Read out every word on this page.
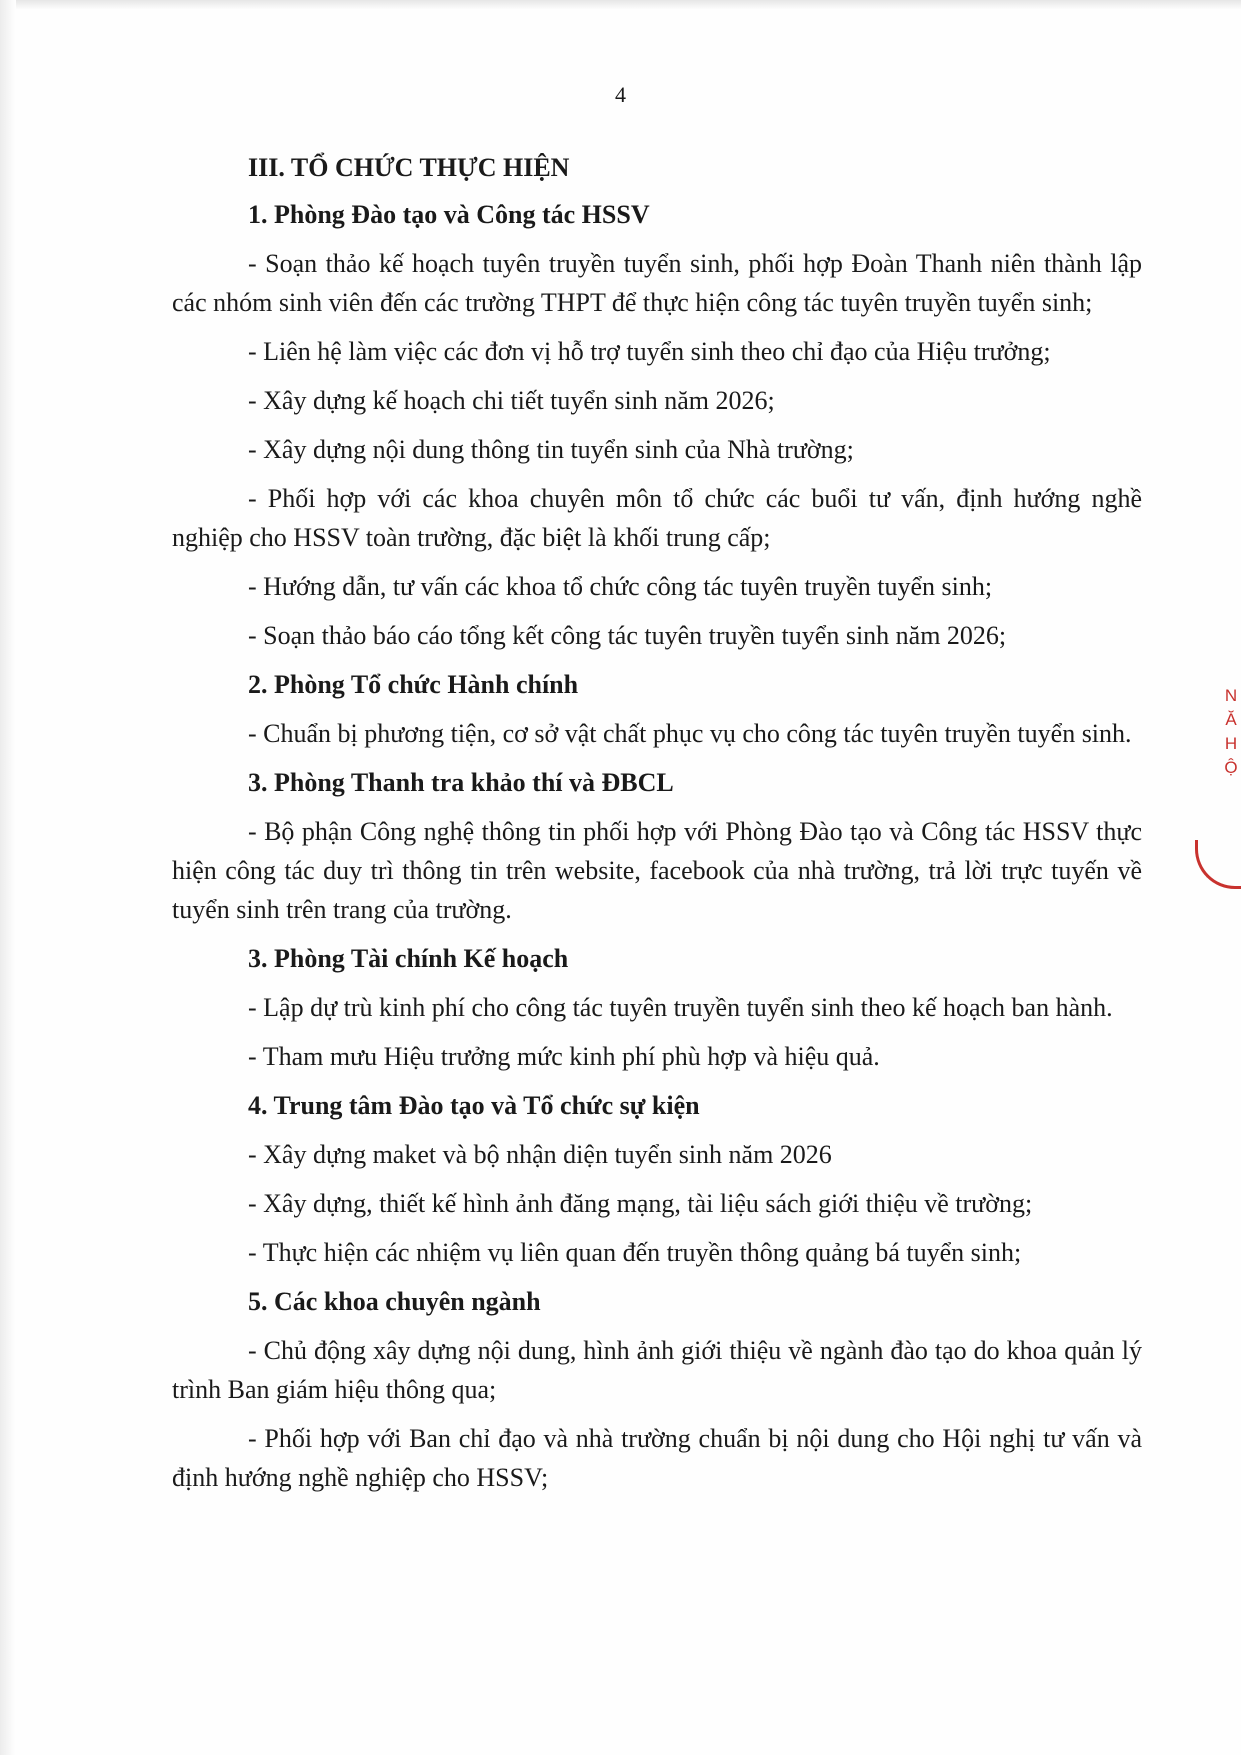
4
III. TỔ CHỨC THỰC HIỆN
1. Phòng Đào tạo và Công tác HSSV
- Soạn thảo kế hoạch tuyên truyền tuyển sinh, phối hợp Đoàn Thanh niên thành lập các nhóm sinh viên đến các trường THPT để thực hiện công tác tuyên truyền tuyển sinh;
- Liên hệ làm việc các đơn vị hỗ trợ tuyển sinh theo chỉ đạo của Hiệu trưởng;
- Xây dựng kế hoạch chi tiết tuyển sinh năm 2026;
- Xây dựng nội dung thông tin tuyển sinh của Nhà trường;
- Phối hợp với các khoa chuyên môn tổ chức các buổi tư vấn, định hướng nghề nghiệp cho HSSV toàn trường, đặc biệt là khối trung cấp;
- Hướng dẫn, tư vấn các khoa tổ chức công tác tuyên truyền tuyển sinh;
- Soạn thảo báo cáo tổng kết công tác tuyên truyền tuyển sinh năm 2026;
2. Phòng Tổ chức Hành chính
- Chuẩn bị phương tiện, cơ sở vật chất phục vụ cho công tác tuyên truyền tuyển sinh.
3. Phòng Thanh tra khảo thí và ĐBCL
- Bộ phận Công nghệ thông tin phối hợp với Phòng Đào tạo và Công tác HSSV thực hiện công tác duy trì thông tin trên website, facebook của nhà trường, trả lời trực tuyến về tuyển sinh trên trang của trường.
3. Phòng Tài chính Kế hoạch
- Lập dự trù kinh phí cho công tác tuyên truyền tuyển sinh theo kế hoạch ban hành.
- Tham mưu Hiệu trưởng mức kinh phí phù hợp và hiệu quả.
4. Trung tâm Đào tạo và Tổ chức sự kiện
- Xây dựng maket và bộ nhận diện tuyển sinh năm 2026
- Xây dựng, thiết kế hình ảnh đăng mạng, tài liệu sách giới thiệu về trường;
- Thực hiện các nhiệm vụ liên quan đến truyền thông quảng bá tuyển sinh;
5. Các khoa chuyên ngành
- Chủ động xây dựng nội dung, hình ảnh giới thiệu về ngành đào tạo do khoa quản lý trình Ban giám hiệu thông qua;
- Phối hợp với Ban chỉ đạo và nhà trường chuẩn bị nội dung cho Hội nghị tư vấn và định hướng nghề nghiệp cho HSSV;
N
Ă
H
Ộ
